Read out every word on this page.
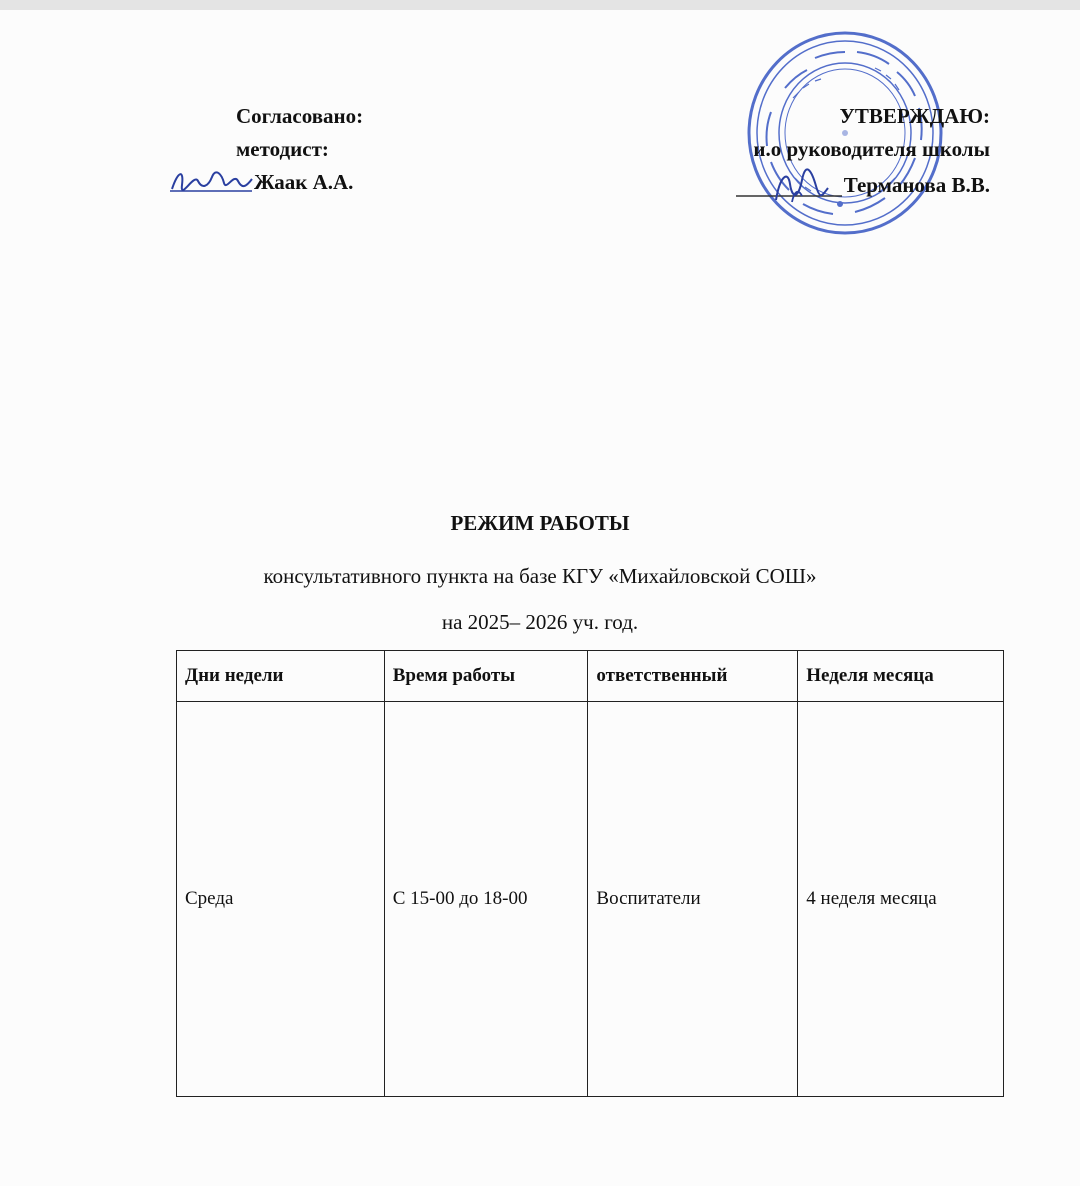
Согласовано:
методист:
Жаак А.А.
УТВЕРЖДАЮ:
и.о руководителя школы
Терманова В.В.
РЕЖИМ РАБОТЫ
консультативного пункта на базе КГУ «Михайловской СОШ»
на 2025– 2026 уч. год.
Дни недели	Время работы	ответственный	Неделя месяца
Среда	С 15-00 до 18-00	Воспитатели	4 неделя месяца
